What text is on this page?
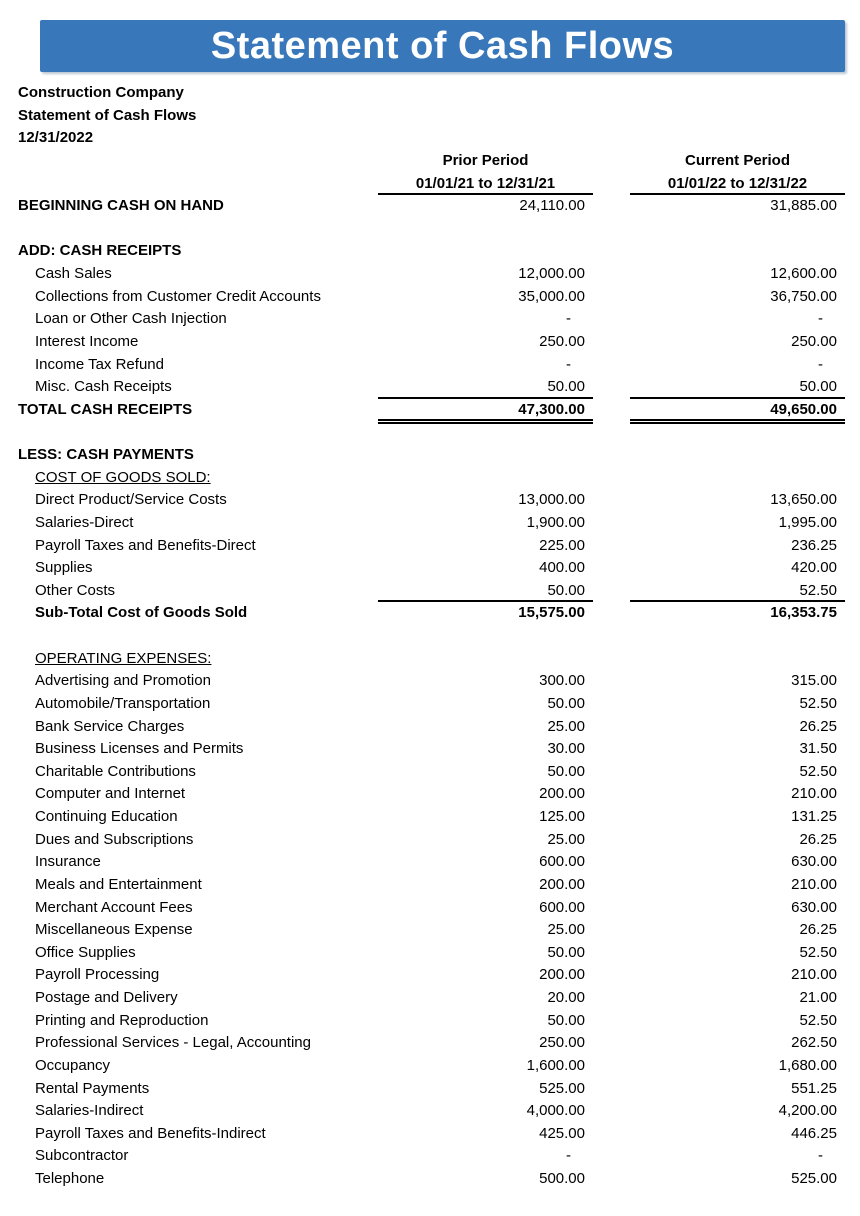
Statement of Cash Flows
Construction Company
Statement of Cash Flows
12/31/2022
Prior Period	Current Period
01/01/21 to 12/31/21	01/01/22 to 12/31/22
BEGINNING CASH ON HAND	24,110.00	31,885.00
ADD: CASH RECEIPTS
Cash Sales	12,000.00	12,600.00
Collections from Customer Credit Accounts	35,000.00	36,750.00
Loan or Other Cash Injection	-	-
Interest Income	250.00	250.00
Income Tax Refund	-	-
Misc. Cash Receipts	50.00	50.00
TOTAL CASH RECEIPTS	47,300.00	49,650.00
LESS: CASH PAYMENTS
COST OF GOODS SOLD:
Direct Product/Service Costs	13,000.00	13,650.00
Salaries-Direct	1,900.00	1,995.00
Payroll Taxes and Benefits-Direct	225.00	236.25
Supplies	400.00	420.00
Other Costs	50.00	52.50
Sub-Total Cost of Goods Sold	15,575.00	16,353.75
OPERATING EXPENSES:
Advertising and Promotion	300.00	315.00
Automobile/Transportation	50.00	52.50
Bank Service Charges	25.00	26.25
Business Licenses and Permits	30.00	31.50
Charitable Contributions	50.00	52.50
Computer and Internet	200.00	210.00
Continuing Education	125.00	131.25
Dues and Subscriptions	25.00	26.25
Insurance	600.00	630.00
Meals and Entertainment	200.00	210.00
Merchant Account Fees	600.00	630.00
Miscellaneous Expense	25.00	26.25
Office Supplies	50.00	52.50
Payroll Processing	200.00	210.00
Postage and Delivery	20.00	21.00
Printing and Reproduction	50.00	52.50
Professional Services - Legal, Accounting	250.00	262.50
Occupancy	1,600.00	1,680.00
Rental Payments	525.00	551.25
Salaries-Indirect	4,000.00	4,200.00
Payroll Taxes and Benefits-Indirect	425.00	446.25
Subcontractor	-	-
Telephone	500.00	525.00
